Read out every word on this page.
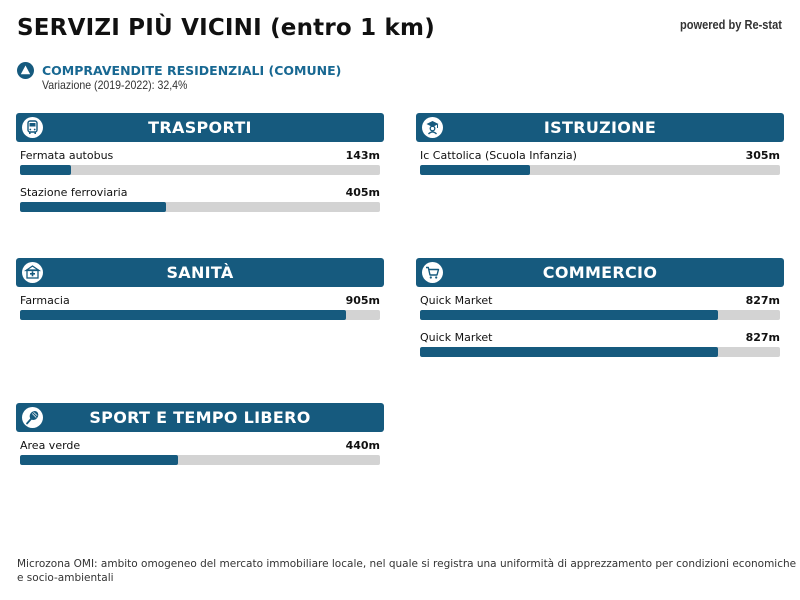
SERVIZI PIÙ VICINI (entro 1 km)	powered by Re-stat
COMPRAVENDITE RESIDENZIALI (COMUNE)
Variazione (2019-2022): 32,4%
TRASPORTI
Fermata autobus	143m
Stazione ferroviaria	405m
ISTRUZIONE
Ic Cattolica (Scuola Infanzia)	305m
SANITÀ
Farmacia	905m
COMMERCIO
Quick Market	827m
Quick Market	827m
SPORT E TEMPO LIBERO
Area verde	440m
Microzona OMI: ambito omogeneo del mercato immobiliare locale, nel quale si registra una uniformità di apprezzamento per condizioni economiche e socio-ambientali
